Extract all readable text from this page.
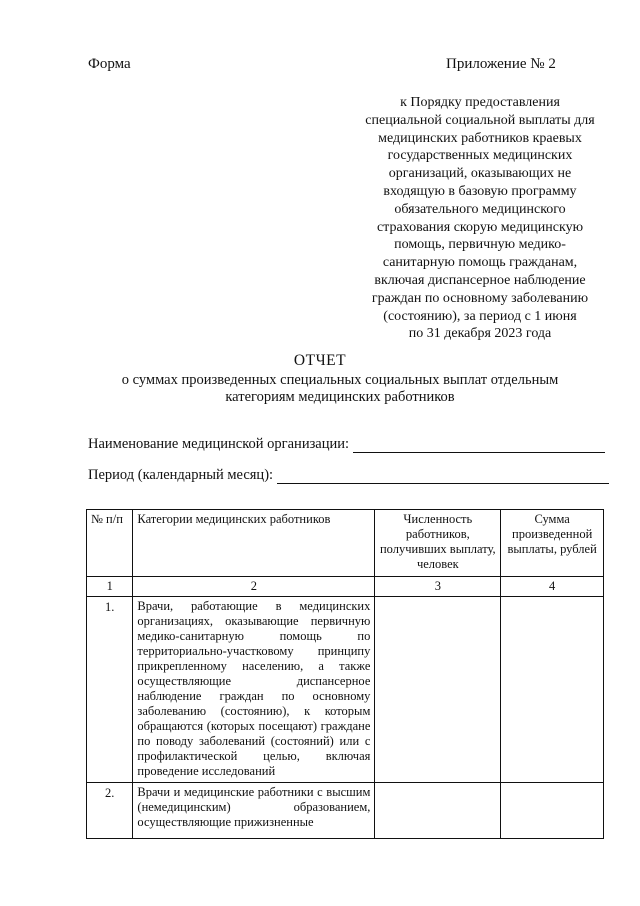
Форма	Приложение № 2
к Порядку предоставления
специальной социальной выплаты для
медицинских работников краевых
государственных медицинских
организаций, оказывающих не
входящую в базовую программу
обязательного медицинского
страхования скорую медицинскую
помощь, первичную медико-
санитарную помощь гражданам,
включая диспансерное наблюдение
граждан по основному заболеванию
(состоянию), за период с 1 июня
по 31 декабря 2023 года
ОТЧЕТ
о суммах произведенных специальных социальных выплат отдельным
категориям медицинских работников
Наименование медицинской организации:
Период (календарный месяц):
№ п/п	Категории медицинских работников	Численность работников, получивших выплату, человек	Сумма произведенной выплаты, рублей
1	2	3	4
1.	Врачи, работающие в медицинских организациях, оказывающие первичную медико-санитарную помощь по территориально-участковому принципу прикрепленному населению, а также осуществляющие диспансерное наблюдение граждан по основному заболеванию (состоянию), к которым обращаются (которых посещают) граждане по поводу заболеваний (состояний) или с профилактической целью, включая проведение исследований		
2.	Врачи и медицинские работники с высшим (немедицинским) образованием, осуществляющие прижизненные		
